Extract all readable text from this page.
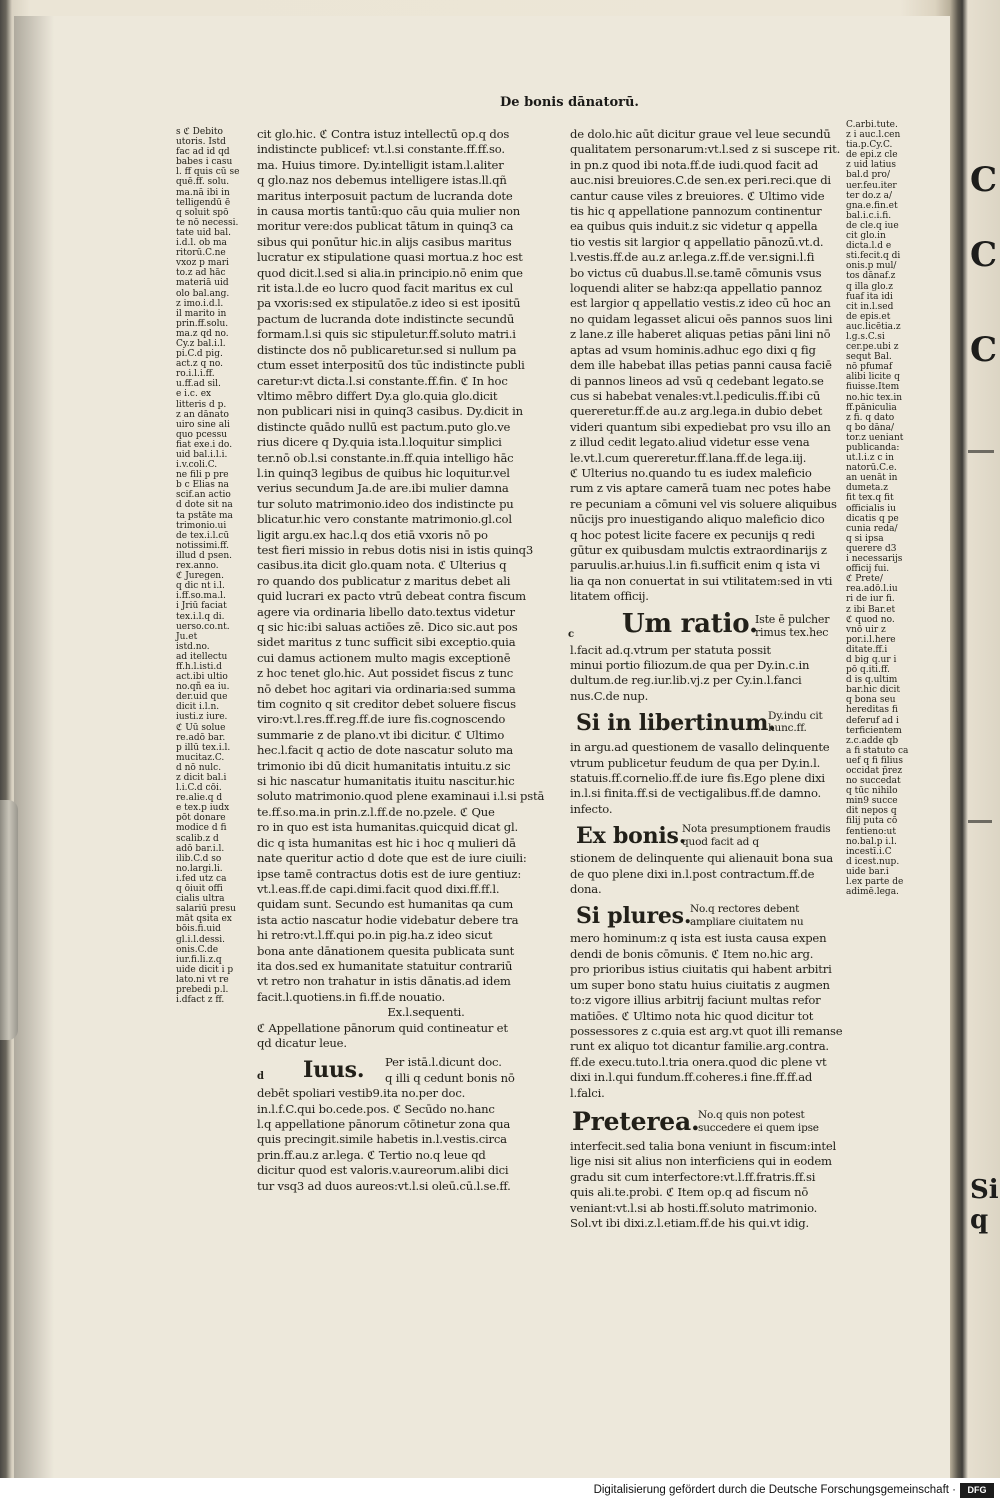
C
C
C
Si q
De bonis dānatorū.

s ℭ Debito

utoris. Istd

fac ad id qd

babes i casu

l. ff quis cū se

quē.ff. solu.

ma.nā ibi in

telligendū ē

q soluit spō

te nō necessi.

tate uid bal.

i.d.l. ob ma

ritorū.C.ne

vxoz p mari

to.z ad hāc

materiā uid

olo bal.ang.

z imo.i.d.l.

il marito in

prin.ff.solu.

ma.z qd no.

Cy.z bal.i.l.

pi.C.d pig.

act.z q no.

ro.i.l.i.ff.

u.ff.ad sil.

e i.c. ex

litteris d p.

z an dānato

uiro sine ali

quo pcessu

fiat exe.i do.

uid bal.i.l.i.

i.v.coli.C.

ne fili p pre

b c Elias na

scif.an actio

d dote sit na

ta pstāte ma

trimonio.ui

de tex.i.l.cū

notissimi.ff.

illud d psen.

rex.anno.

ℭ Juregen.

q dic nt i.l.

i.ff.so.ma.l.

i Jriū faciat

tex.i.l.q di.

uerso.co.nt.

Ju.et

istd.no.

ad itellectu

ff.h.l.isti.d

act.ibi ultio

no.qñ ea iu.

der.uid que

dicit i.l.n.

iusti.z iure.

ℭ Uū solue

re.adō bar.

p illū tex.i.l.

mucitaz.C.

d nō nulc.

z dicit bal.i

l.i.C.d cōi.

re.alie.q d

e tex.p iudx

pōt donare

modice d fi

scalib.z d

adō bar.i.l.

ilib.C.d so

no.largi.li.

i.fed utz ca

q ōiuit offi

cialis ultra

salariū presu

māt qsita ex

bōis.fi.uid

gl.i.l.dessi.

onis.C.de

iur.fi.li.z.q

uide dicit i p

lato.ni vt re

prebedi p.l.

i.dfact z ff.

cit glo.hic. ℭ Contra istuz intellectū op.q dos

indistincte publicef: vt.l.si constante.ff.ff.so.

ma. Huius timore. Dy.intelligit istam.l.aliter

q glo.naz nos debemus intelligere istas.ll.qñ

maritus interposuit pactum de lucranda dote

in causa mortis tantū:quo cāu quia mulier non

moritur vere:dos publicat tātum in quinq3 ca

sibus qui ponūtur hic.in alijs casibus maritus

lucratur ex stipulatione quasi mortua.z hoc est

quod dicit.l.sed si alia.in principio.nō enim que

rit ista.l.de eo lucro quod facit maritus ex cul

pa vxoris:sed ex stipulatōe.z ideo si est ipositū

pactum de lucranda dote indistincte secundū

formam.l.si quis sic stipuletur.ff.soluto matri.i

distincte dos nō publicaretur.sed si nullum pa

ctum esset interpositū dos tūc indistincte publi

caretur:vt dicta.l.si constante.ff.fin. ℭ In hoc

vltimo mēbro differt Dy.a glo.quia glo.dicit

non publicari nisi in quinq3 casibus. Dy.dicit in

distincte quādo nullū est pactum.puto glo.ve

rius dicere q Dy.quia ista.l.loquitur simplici

ter.nō ob.l.si constante.in.ff.quia intelligo hāc

l.in quinq3 legibus de quibus hic loquitur.vel

verius secundum Ja.de are.ibi mulier damna

tur soluto matrimonio.ideo dos indistincte pu

blicatur.hic vero constante matrimonio.gl.col

ligit argu.ex hac.l.q dos etiā vxoris nō po

test fieri missio in rebus dotis nisi in istis quinq3

casibus.ita dicit glo.quam nota. ℭ Ulterius q

ro quando dos publicatur z maritus debet ali

quid lucrari ex pacto vtrū debeat contra fiscum

agere via ordinaria libello dato.textus videtur

q sic hic:ibi saluas actiōes zē. Dico sic.aut pos

sidet maritus z tunc sufficit sibi exceptio.quia

cui damus actionem multo magis exceptionē

z hoc tenet glo.hic. Aut possidet fiscus z tunc

nō debet hoc agitari via ordinaria:sed summa

tim cognito q sit creditor debet soluere fiscus

viro:vt.l.res.ff.reg.ff.de iure fis.cognoscendo

summarie z de plano.vt ibi dicitur. ℭ Ultimo

hec.l.facit q actio de dote nascatur soluto ma

trimonio ibi dū dicit humanitatis intuitu.z sic

si hic nascatur humanitatis ituitu nascitur.hic

soluto matrimonio.quod plene examinaui i.l.si pstā

te.ff.so.ma.in prin.z.l.ff.de no.pzele. ℭ Que

ro in quo est ista humanitas.quicquid dicat gl.

dic q ista humanitas est hic i hoc q mulieri dā

nate queritur actio d dote que est de iure ciuili:

ipse tamē contractus dotis est de iure gentiuz:

vt.l.eas.ff.de capi.dimi.facit quod dixi.ff.ff.l.

quidam sunt. Secundo est humanitas qa cum

ista actio nascatur hodie videbatur debere tra

hi retro:vt.l.ff.qui po.in pig.ha.z ideo sicut

bona ante dānationem quesita publicata sunt

ita dos.sed ex humanitate statuitur contrariū

vt retro non trahatur in istis dānatis.ad idem

facit.l.quotiens.in fi.ff.de nouatio.

Ex.l.sequenti.

ℭ Appellatione pānorum quid contineatur et

qd dicatur leue.

d Iuus.	Per istā.l.dicunt doc.

q illi q cedunt bonis nō

debēt spoliari vestib9.ita no.per doc.

in.l.f.C.qui bo.cede.pos. ℭ Secūdo no.hanc

l.q appellatione pānorum cōtinetur zona qua

quis precingit.simile habetis in.l.vestis.circa

prin.ff.au.z ar.lega. ℭ Tertio no.q leue qd

dicitur quod est valoris.v.aureorum.alibi dici

tur vsq3 ad duos aureos:vt.l.si oleū.cū.l.se.ff.

de dolo.hic aūt dicitur graue vel leue secundū

qualitatem personarum:vt.l.sed z si suscepe rit.

in pn.z quod ibi nota.ff.de iudi.quod facit ad

auc.nisi breuiores.C.de sen.ex peri.reci.que di

cantur cause viles z breuiores. ℭ Ultimo vide

tis hic q appellatione pannozum continentur

ea quibus quis induit.z sic videtur q appella

tio vestis sit largior q appellatio pānozū.vt.d.

l.vestis.ff.de au.z ar.lega.z.ff.de ver.signi.l.fi

bo victus cū duabus.ll.se.tamē cōmunis vsus

loquendi aliter se habz:qa appellatio pannoz

est largior q appellatio vestis.z ideo cū hoc an

no quidam legasset alicui oēs pannos suos lini

z lane.z ille haberet aliquas petias pāni lini nō

aptas ad vsum hominis.adhuc ego dixi q fig

dem ille habebat illas petias panni causa faciē

di pannos lineos ad vsū q cedebant legato.se

cus si habebat venales:vt.l.pediculis.ff.ibi cū

quereretur.ff.de au.z arg.lega.in dubio debet

videri quantum sibi expediebat pro vsu illo an

z illud cedit legato.aliud videtur esse vena

le.vt.l.cum quereretur.ff.lana.ff.de lega.iij.

ℭ Ulterius no.quando tu es iudex maleficio

rum z vis aptare camerā tuam nec potes habe

re pecuniam a cōmuni vel vis soluere aliquibus

nūcijs pro inuestigando aliquo maleficio dico

q hoc potest licite facere ex pecunijs q redi

gūtur ex quibusdam mulctis extraordinarijs z

paruulis.ar.huius.l.in fi.sufficit enim q ista vi

lia qa non conuertat in sui vtilitatem:sed in vti

litatem officij.

c Um ratio.
Iste ē pulcher rimus tex.hec

l.facit ad.q.vtrum per statuta possit

minui portio filiozum.de qua per Dy.in.c.in

dultum.de reg.iur.lib.vj.z per Cy.in.l.fanci

nus.C.de nup.

Si in libertinum.
Dy.indu cit hunc.ff.

in argu.ad questionem de vasallo delinquente

vtrum publicetur feudum de qua per Dy.in.l.

statuis.ff.cornelio.ff.de iure fis.Ego plene dixi

in.l.si finita.ff.si de vectigalibus.ff.de damno.

infecto.

Ex bonis.
Nota presumptionem fraudis quod facit ad q

stionem de delinquente qui alienauit bona sua

de quo plene dixi in.l.post contractum.ff.de

dona.

Si plures.
No.q rectores debent ampliare ciuitatem nu

mero hominum:z q ista est iusta causa expen

dendi de bonis cōmunis. ℭ Item no.hic arg.

pro prioribus istius ciuitatis qui habent arbitri

um super bono statu huius ciuitatis z augmen

to:z vigore illius arbitrij faciunt multas refor

matiōes. ℭ Ultimo nota hic quod dicitur tot

possessores z c.quia est arg.vt quot illi remanse

runt ex aliquo tot dicantur familie.arg.contra.

ff.de execu.tuto.l.tria onera.quod dic plene vt

dixi in.l.qui fundum.ff.coheres.i fine.ff.ff.ad

l.falci.

Preterea.
No.q quis non potest succedere ei quem ipse

interfecit.sed talia bona veniunt in fiscum:intel

lige nisi sit alius non interficiens qui in eodem

gradu sit cum interfectore:vt.l.ff.fratris.ff.si

quis ali.te.probi. ℭ Item op.q ad fiscum nō

veniant:vt.l.si ab hosti.ff.soluto matrimonio.

Sol.vt ibi dixi.z.l.etiam.ff.de his qui.vt idig.

C.arbi.tute.

z i auc.l.cen

tia.p.Cy.C.

de epi.z cle

z uid latius

bal.d pro/

uer.feu.iter

ter do.z a/

gna.e.fin.et

bal.i.c.i.fi.

de cle.q iue

cit glo.in

dicta.l.d e

sti.fecit.q di

onis.p mul/

tos dānaf.z

q illa glo.z

fuaf ita idi

cit in.l.sed

de epis.et

auc.licētia.z

l.g.s.C.si

cer.pe.ubi z

sequt Bal.

nō pfumaf

alibi licite q

fiuisse.Item

no.hic tex.in

ff.pāniculia

z fi. q dato

q bo dāna/

tor.z ueniant

publicanda:

ut.l.i.z c in

natorū.C.e.

an uenāt in

dumeta.z

fit tex.q fit

officialis iu

dicatis q pe

cunia reda/

q si ipsa

querere d3

i necessarijs

officij fui.

ℭ Prete/

rea.adō.l.iu

ri de iur fi.

z ibi Bar.et

ℭ quod no.

vnō uir z

por.i.l.here

ditate.ff.i

d big q.ur i

pō q.iti.ff.

d is q.ultim

bar.hic dicit

q bona seu

hereditas fi

deferuf ad i

terficientem

z.c.adde qb

a fi statuto ca

uef q fi filius

occidat p̄rez

no succedat

q tūc nihilo

min9 succe

dit nepos q

filij puta cō

fentieno:ut

no.bal.p i.l.

incestī.i.C

d icest.nup.

uide bar.i

l.ex parte de

adimē.lega.

Digitalisierung gefördert durch die Deutsche Forschungsgemeinschaft ·	DFG
